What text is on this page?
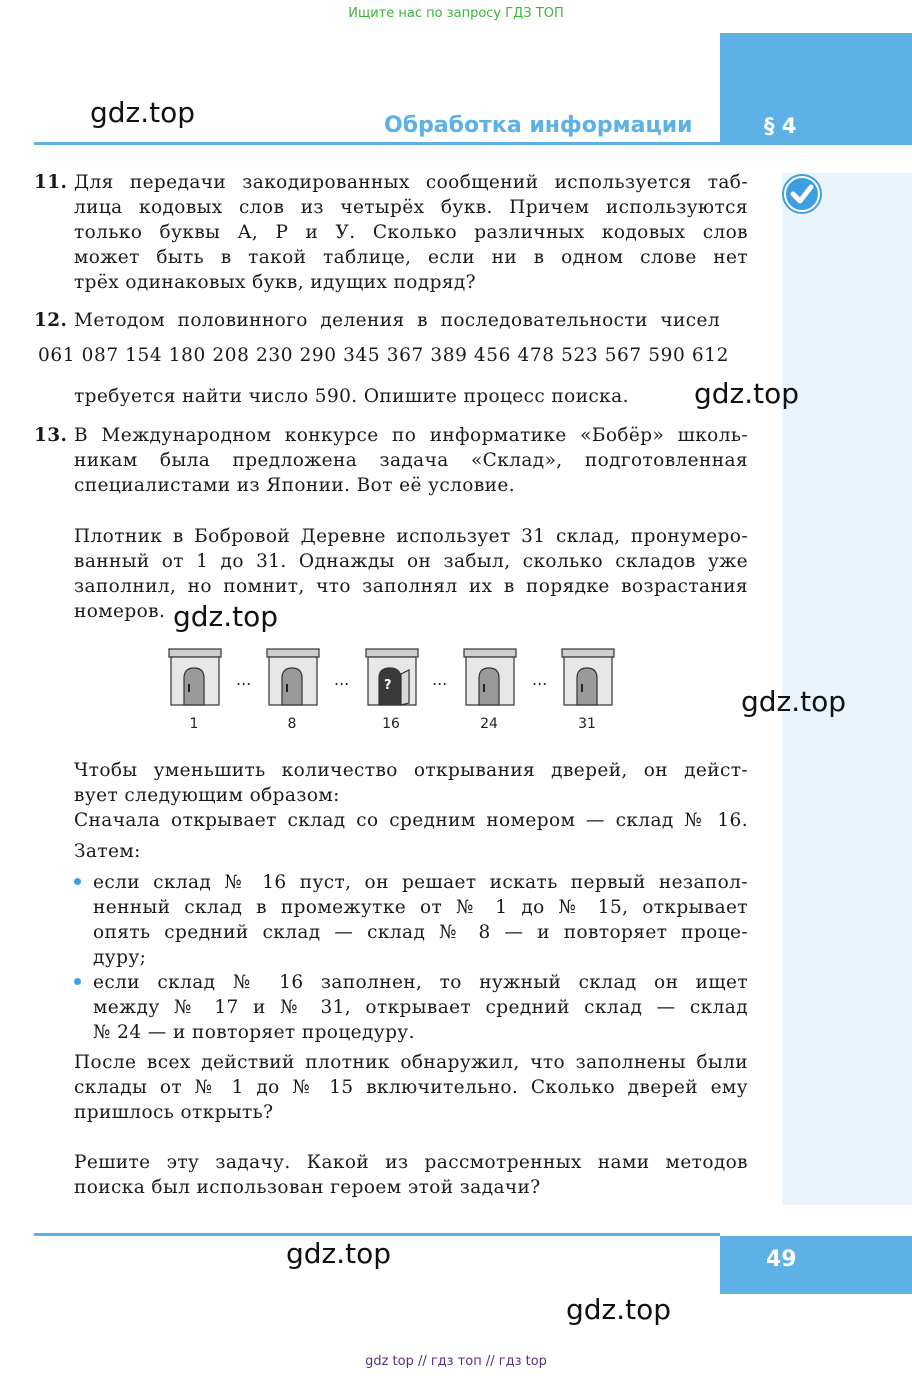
Ищите нас по запросу ГДЗ ТОП
Обработка информации	§ 4
gdz.top
gdz.top
gdz.top
gdz.top
gdz.top
gdz.top
11. Для передачи закодированных сообщений используется таб-
лица кодовых слов из четырёх букв. Причем используются
только буквы А, Р и У. Сколько различных кодовых слов
может быть в такой таблице, если ни в одном слове нет
трёх одинаковых букв, идущих подряд?
12. Методом половинного деления в последовательности чисел
061 087 154 180 208 230 290 345 367 389 456 478 523 567 590 612
требуется найти число 590. Опишите процесс поиска.
13. В Международном конкурсе по информатике «Бобёр» школь-
никам была предложена задача «Склад», подготовленная
специалистами из Японии. Вот её условие.
Плотник в Бобровой Деревне использует 31 склад, пронумеро-
ванный от 1 до 31. Однажды он забыл, сколько складов уже
заполнил, но помнит, что заполнял их в порядке возрастания
номеров.
?
...	...	...	...
1	8	16	24	31
Чтобы уменьшить количество открывания дверей, он дейст-
вует следующим образом:
Сначала открывает склад со средним номером — склад № 16.
Затем:
если склад № 16 пуст, он решает искать первый незапол-
ненный склад в промежутке от № 1 до № 15, открывает
опять средний склад — склад № 8 — и повторяет проце-
дуру;
если склад № 16 заполнен, то нужный склад он ищет
между № 17 и № 31, открывает средний склад — склад
№ 24 — и повторяет процедуру.
После всех действий плотник обнаружил, что заполнены были
склады от № 1 до № 15 включительно. Сколько дверей ему
пришлось открыть?
Решите эту задачу. Какой из рассмотренных нами методов
поиска был использован героем этой задачи?
49
gdz top // гдз топ // гдз top
